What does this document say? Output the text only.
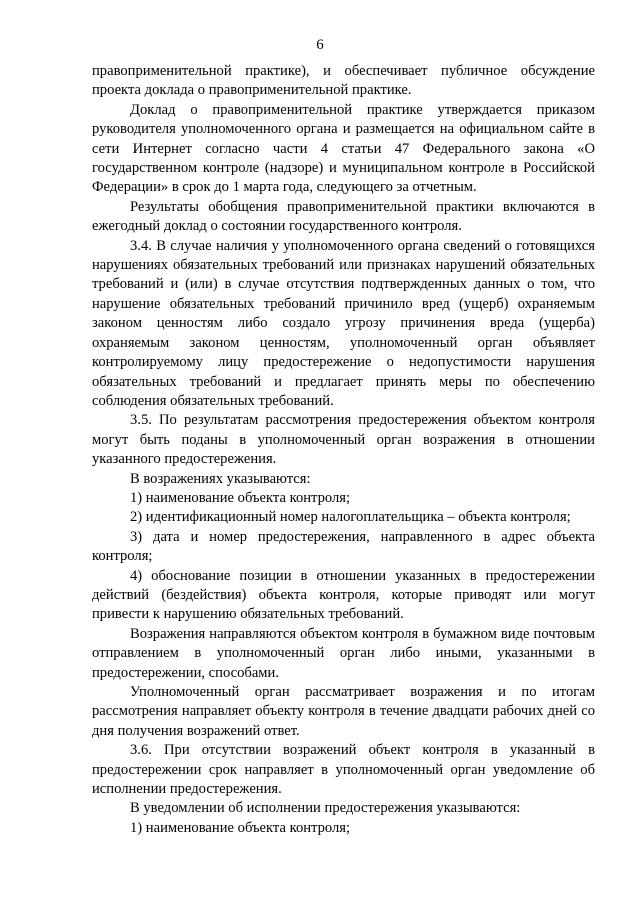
6

правоприменительной практике), и обеспечивает публичное обсуждение проекта доклада о правоприменительной практике.

Доклад о правоприменительной практике утверждается приказом руководителя уполномоченного органа и размещается на официальном сайте в сети Интернет согласно части 4 статьи 47 Федерального закона «О государственном контроле (надзоре) и муниципальном контроле в Российской Федерации» в срок до 1 марта года, следующего за отчетным.

Результаты обобщения правоприменительной практики включаются в ежегодный доклад о состоянии государственного контроля.

3.4. В случае наличия у уполномоченного органа сведений о готовящихся нарушениях обязательных требований или признаках нарушений обязательных требований и (или) в случае отсутствия подтвержденных данных о том, что нарушение обязательных требований причинило вред (ущерб) охраняемым законом ценностям либо создало угрозу причинения вреда (ущерба) охраняемым законом ценностям, уполномоченный орган объявляет контролируемому лицу предостережение о недопустимости нарушения обязательных требований и предлагает принять меры по обеспечению соблюдения обязательных требований.

3.5. По результатам рассмотрения предостережения объектом контроля могут быть поданы в уполномоченный орган возражения в отношении указанного предостережения.

В возражениях указываются:

1) наименование объекта контроля;

2) идентификационный номер налогоплательщика – объекта контроля;

3) дата и номер предостережения, направленного в адрес объекта контроля;

4) обоснование позиции в отношении указанных в предостережении действий (бездействия) объекта контроля, которые приводят или могут привести к нарушению обязательных требований.

Возражения направляются объектом контроля в бумажном виде почтовым отправлением в уполномоченный орган либо иными, указанными в предостережении, способами.

Уполномоченный орган рассматривает возражения и по итогам рассмотрения направляет объекту контроля в течение двадцати рабочих дней со дня получения возражений ответ.

3.6. При отсутствии возражений объект контроля в указанный в предостережении срок направляет в уполномоченный орган уведомление об исполнении предостережения.

В уведомлении об исполнении предостережения указываются:

1) наименование объекта контроля;
